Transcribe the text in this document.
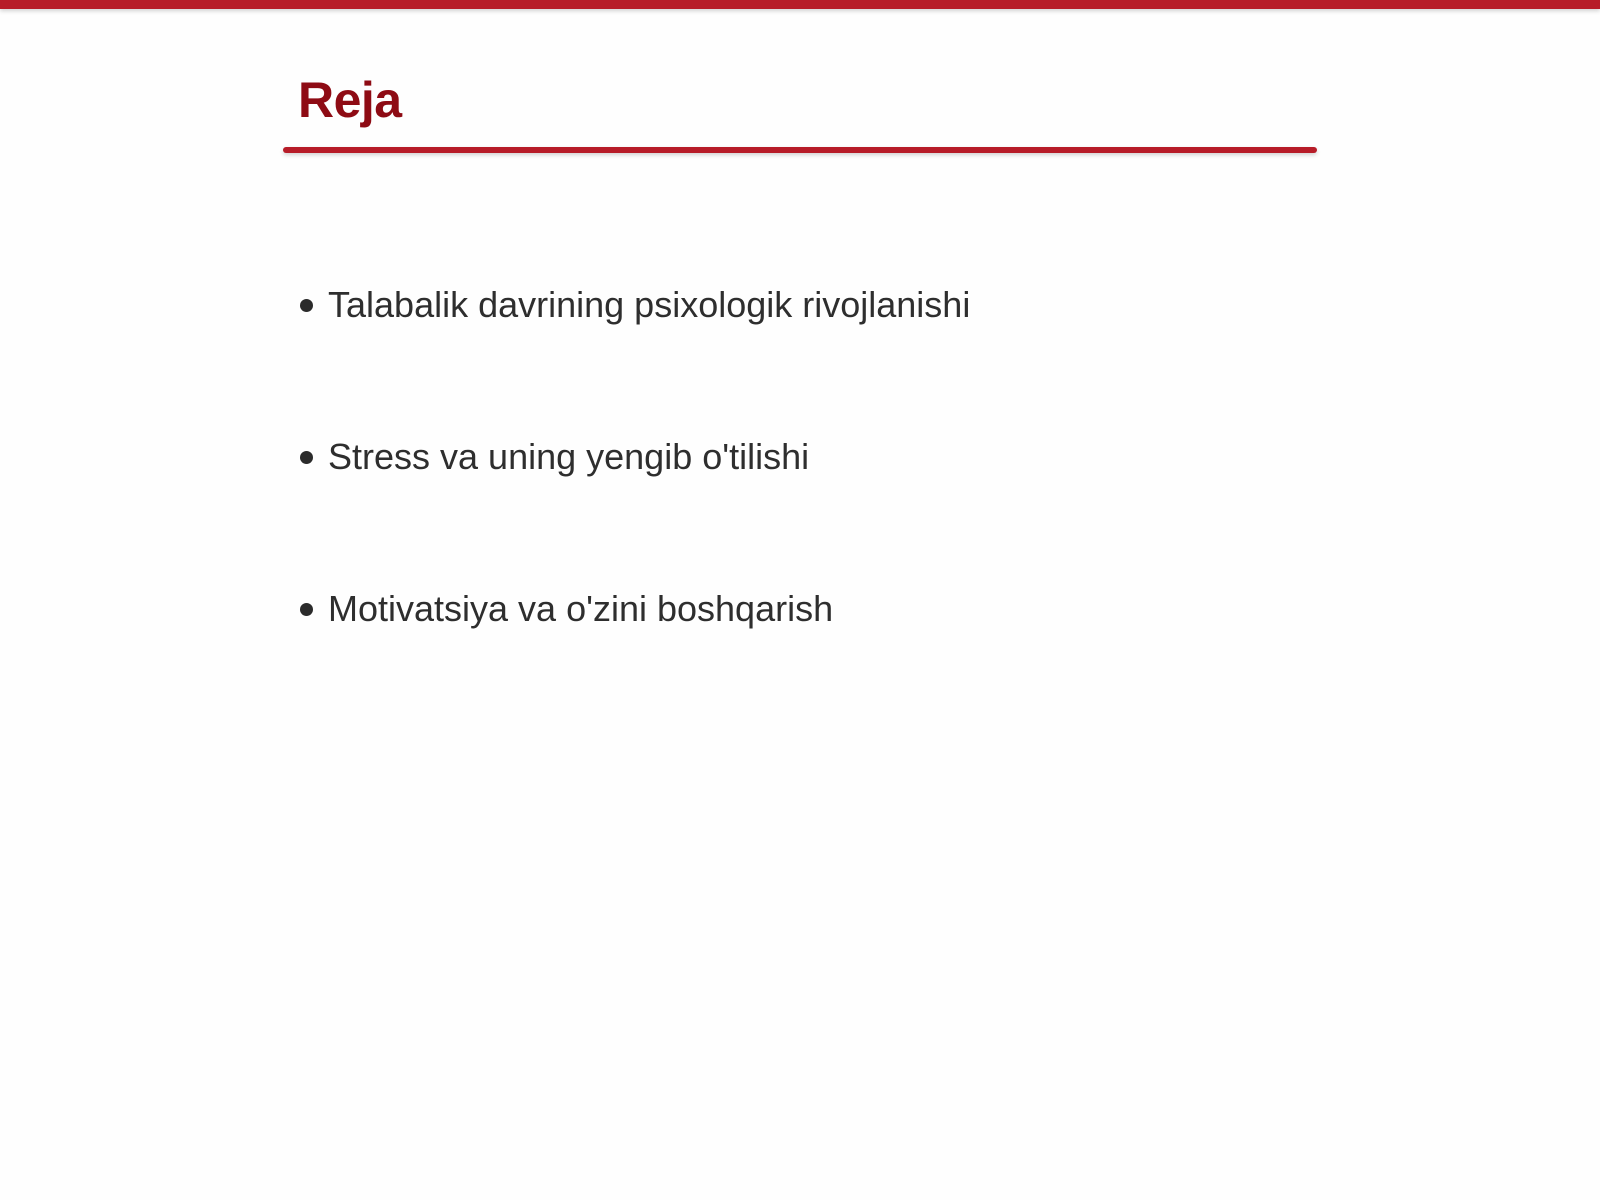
Reja
Talabalik davrining psixologik rivojlanishi
Stress va uning yengib o'tilishi
Motivatsiya va o'zini boshqarish
